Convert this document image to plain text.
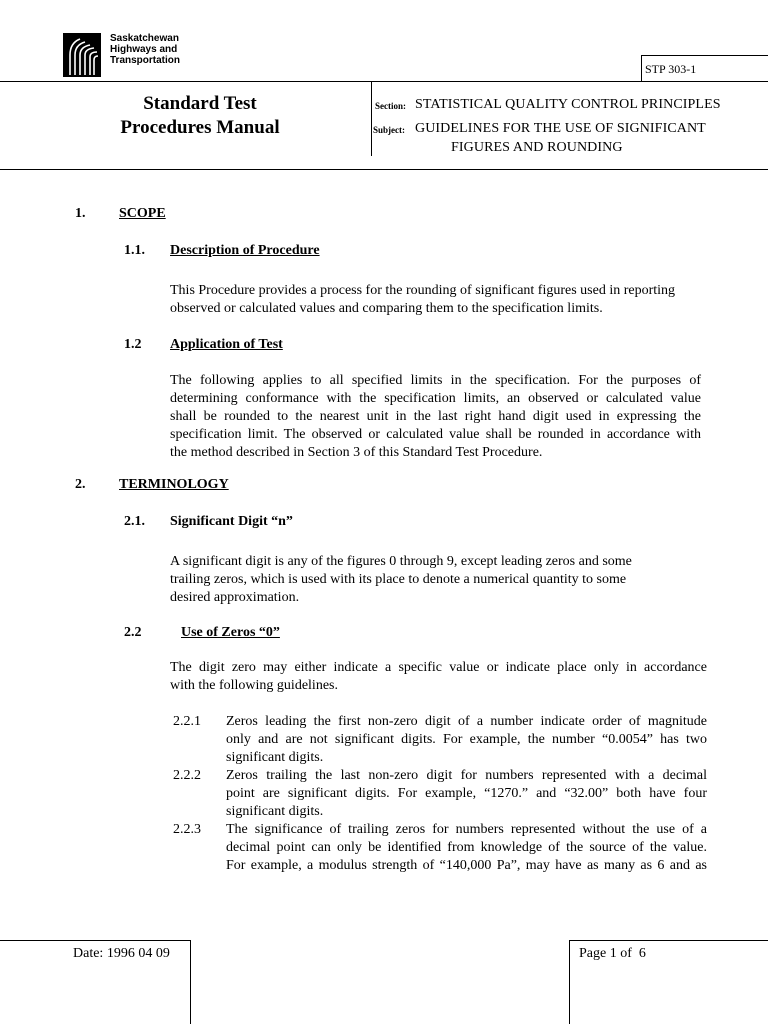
Saskatchewan
Highways and
Transportation
STP 303-1
Standard Test
Procedures Manual
Section: STATISTICAL QUALITY CONTROL PRINCIPLES
Subject: GUIDELINES FOR THE USE OF SIGNIFICANT
FIGURES AND ROUNDING
1. SCOPE
1.1. Description of Procedure
This Procedure provides a process for the rounding of significant figures used in reporting
observed or calculated values and comparing them to the specification limits.
1.2 Application of Test
The following applies to all specified limits in the specification. For the purposes of
determining conformance with the specification limits, an observed or calculated value
shall be rounded to the nearest unit in the last right hand digit used in expressing the
specification limit. The observed or calculated value shall be rounded in accordance with
the method described in Section 3 of this Standard Test Procedure.
2. TERMINOLOGY
2.1. Significant Digit “n”
A significant digit is any of the figures 0 through 9, except leading zeros and some
trailing zeros, which is used with its place to denote a numerical quantity to some
desired approximation.
2.2	Use of Zeros “0”
The digit zero may either indicate a specific value or indicate place only in accordance
with the following guidelines.
2.2.1 Zeros leading the first non-zero digit of a number indicate order of magnitude
only and are not significant digits. For example, the number “0.0054” has two
significant digits.
2.2.2 Zeros trailing the last non-zero digit for numbers represented with a decimal
point are significant digits. For example, “1270.” and “32.00” both have four
significant digits.
2.2.3 The significance of trailing zeros for numbers represented without the use of a
decimal point can only be identified from knowledge of the source of the value.
For example, a modulus strength of “140,000 Pa”, may have as many as 6 and as
Date: 1996 04 09	Page 1 of  6
